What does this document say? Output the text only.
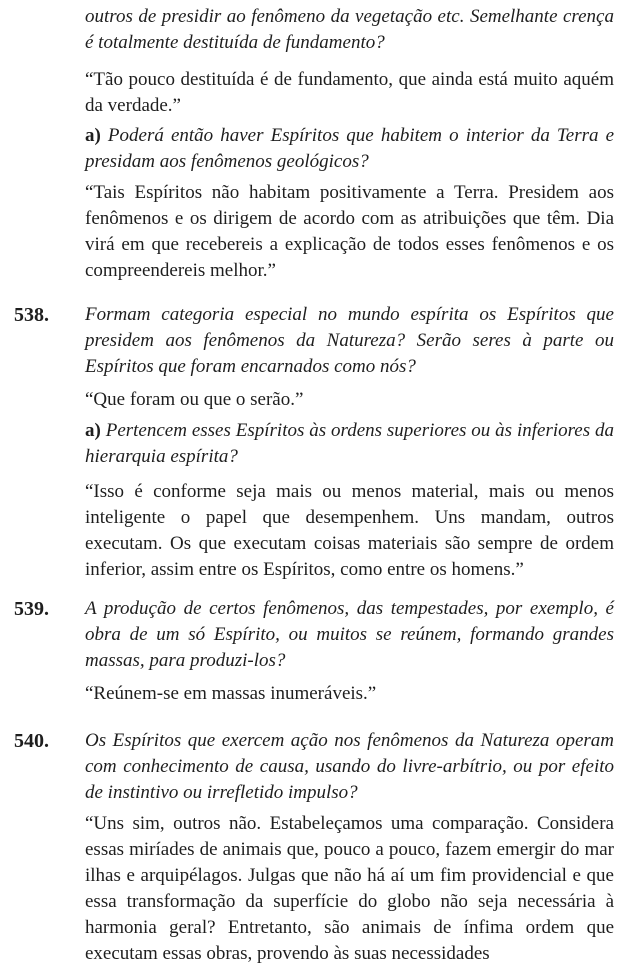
outros de presidir ao fenômeno da vegetação etc. Semelhante crença é totalmente destituída de fundamento?

“Tão pouco destituída é de fundamento, que ainda está muito aquém da verdade.”

a) Poderá então haver Espíritos que habitem o interior da Terra e presidam aos fenômenos geológicos?

“Tais Espíritos não habitam positivamente a Terra. Presidem aos fenômenos e os dirigem de acordo com as atribuições que têm. Dia virá em que recebereis a explicação de todos esses fenômenos e os compreendereis melhor.”

538. Formam categoria especial no mundo espírita os Espíritos que presidem aos fenômenos da Natureza? Serão seres à parte ou Espíritos que foram encarnados como nós?

“Que foram ou que o serão.”

a) Pertencem esses Espíritos às ordens superiores ou às inferiores da hierarquia espírita?

“Isso é conforme seja mais ou menos material, mais ou menos inteligente o papel que desempenhem. Uns mandam, outros executam. Os que executam coisas materiais são sempre de ordem inferior, assim entre os Espíritos, como entre os homens.”

539. A produção de certos fenômenos, das tempestades, por exemplo, é obra de um só Espírito, ou muitos se reúnem, formando grandes massas, para produzi-los?

“Reúnem-se em massas inumeráveis.”

540. Os Espíritos que exercem ação nos fenômenos da Natureza operam com conhecimento de causa, usando do livre-arbítrio, ou por efeito de instintivo ou irrefletido impulso?

“Uns sim, outros não. Estabeleçamos uma comparação. Considera essas miríades de animais que, pouco a pouco, fazem emergir do mar ilhas e arquipélagos. Julgas que não há aí um fim providencial e que essa transformação da superfície do globo não seja necessária à harmonia geral? Entretanto, são animais de ínfima ordem que executam essas obras, provendo às suas necessidades
